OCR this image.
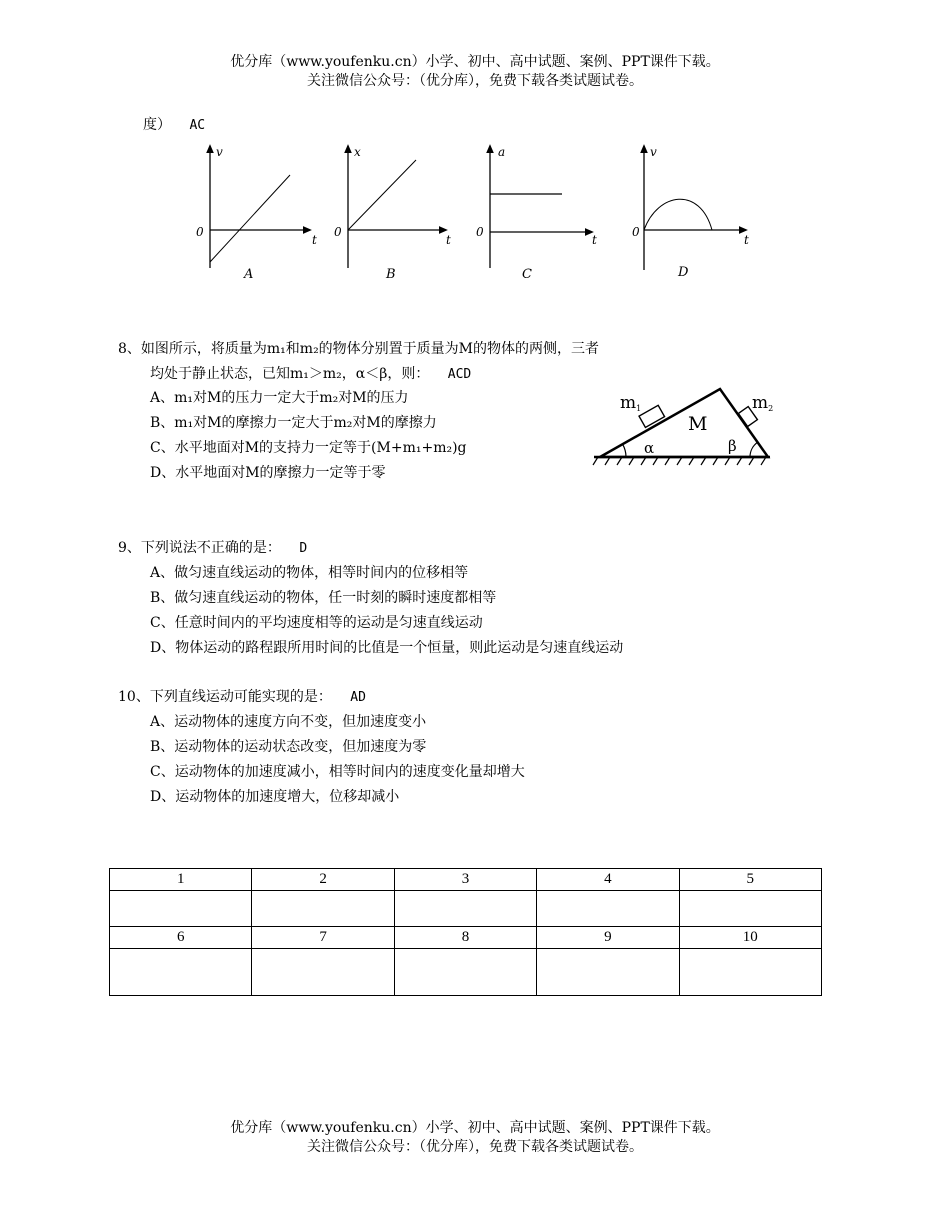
优分库（www.youfenku.cn）小学、初中、高中试题、案例、PPT课件下载。
关注微信公众号：（优分库），免费下载各类试题试卷。
度） AC
v
t
0
A
x
t
0
B
a
t
0
C
v
t
0
D
8、如图所示，将质量为m₁和m₂的物体分别置于质量为M的物体的两侧，三者
均处于静止状态，已知m₁＞m₂，α＜β，则： ACD
A、m₁对M的压力一定大于m₂对M的压力
B、m₁对M的摩擦力一定大于m₂对M的摩擦力
C、水平地面对M的支持力一定等于(M+m₁+m₂)g
D、水平地面对M的摩擦力一定等于零
m1	m2
M
α	β
9、下列说法不正确的是： D
A、做匀速直线运动的物体，相等时间内的位移相等
B、做匀速直线运动的物体，任一时刻的瞬时速度都相等
C、任意时间内的平均速度相等的运动是匀速直线运动
D、物体运动的路程跟所用时间的比值是一个恒量，则此运动是匀速直线运动
10、下列直线运动可能实现的是： AD
A、运动物体的速度方向不变，但加速度变小
B、运动物体的运动状态改变，但加速度为零
C、运动物体的加速度减小，相等时间内的速度变化量却增大
D、运动物体的加速度增大，位移却减小
1	2	3	4	5

6	7	8	9	10

优分库（www.youfenku.cn）小学、初中、高中试题、案例、PPT课件下载。
关注微信公众号：（优分库），免费下载各类试题试卷。
